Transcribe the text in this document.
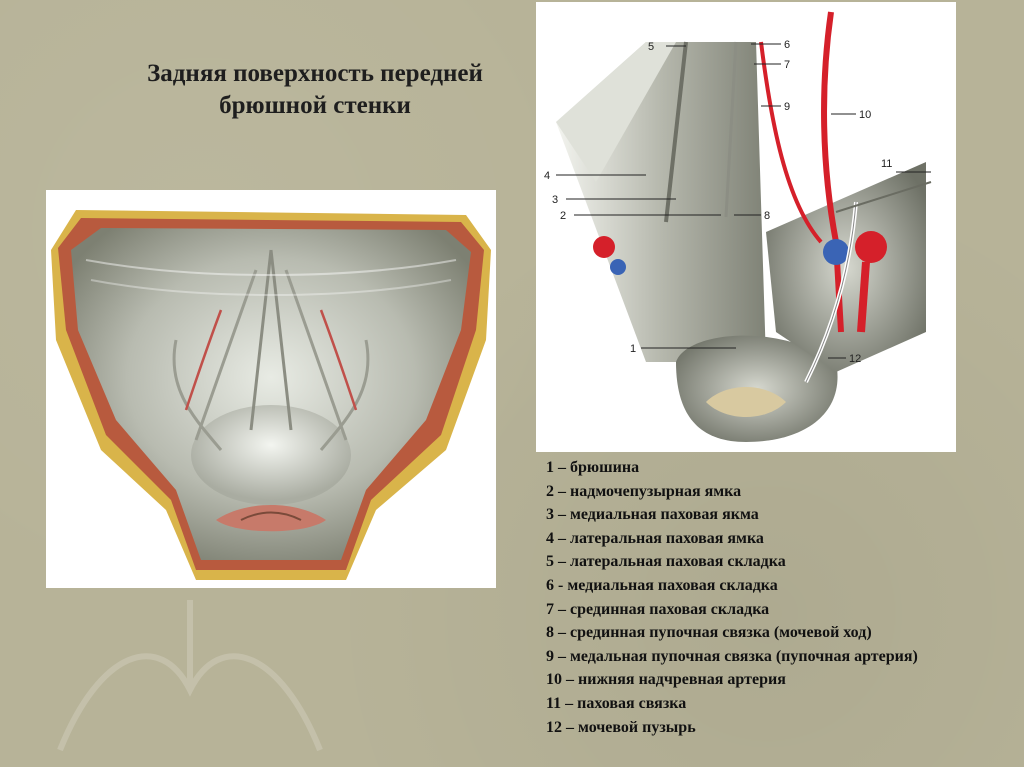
Задняя поверхность передней
брюшной стенки
5	6
7
9
10
11
4
3
2	8
1
12
1 – брюшина
2 – надмочепузырная ямка
3 – медиальная паховая якма
4 – латеральная паховая ямка
5 – латеральная паховая складка
6 - медиальная паховая складка
7 – срединная паховая складка
8 – срединная пупочная связка (мочевой ход)
9 – медальная пупочная связка (пупочная артерия)
10 – нижняя надчревная артерия
11 – паховая связка
12 – мочевой пузырь
